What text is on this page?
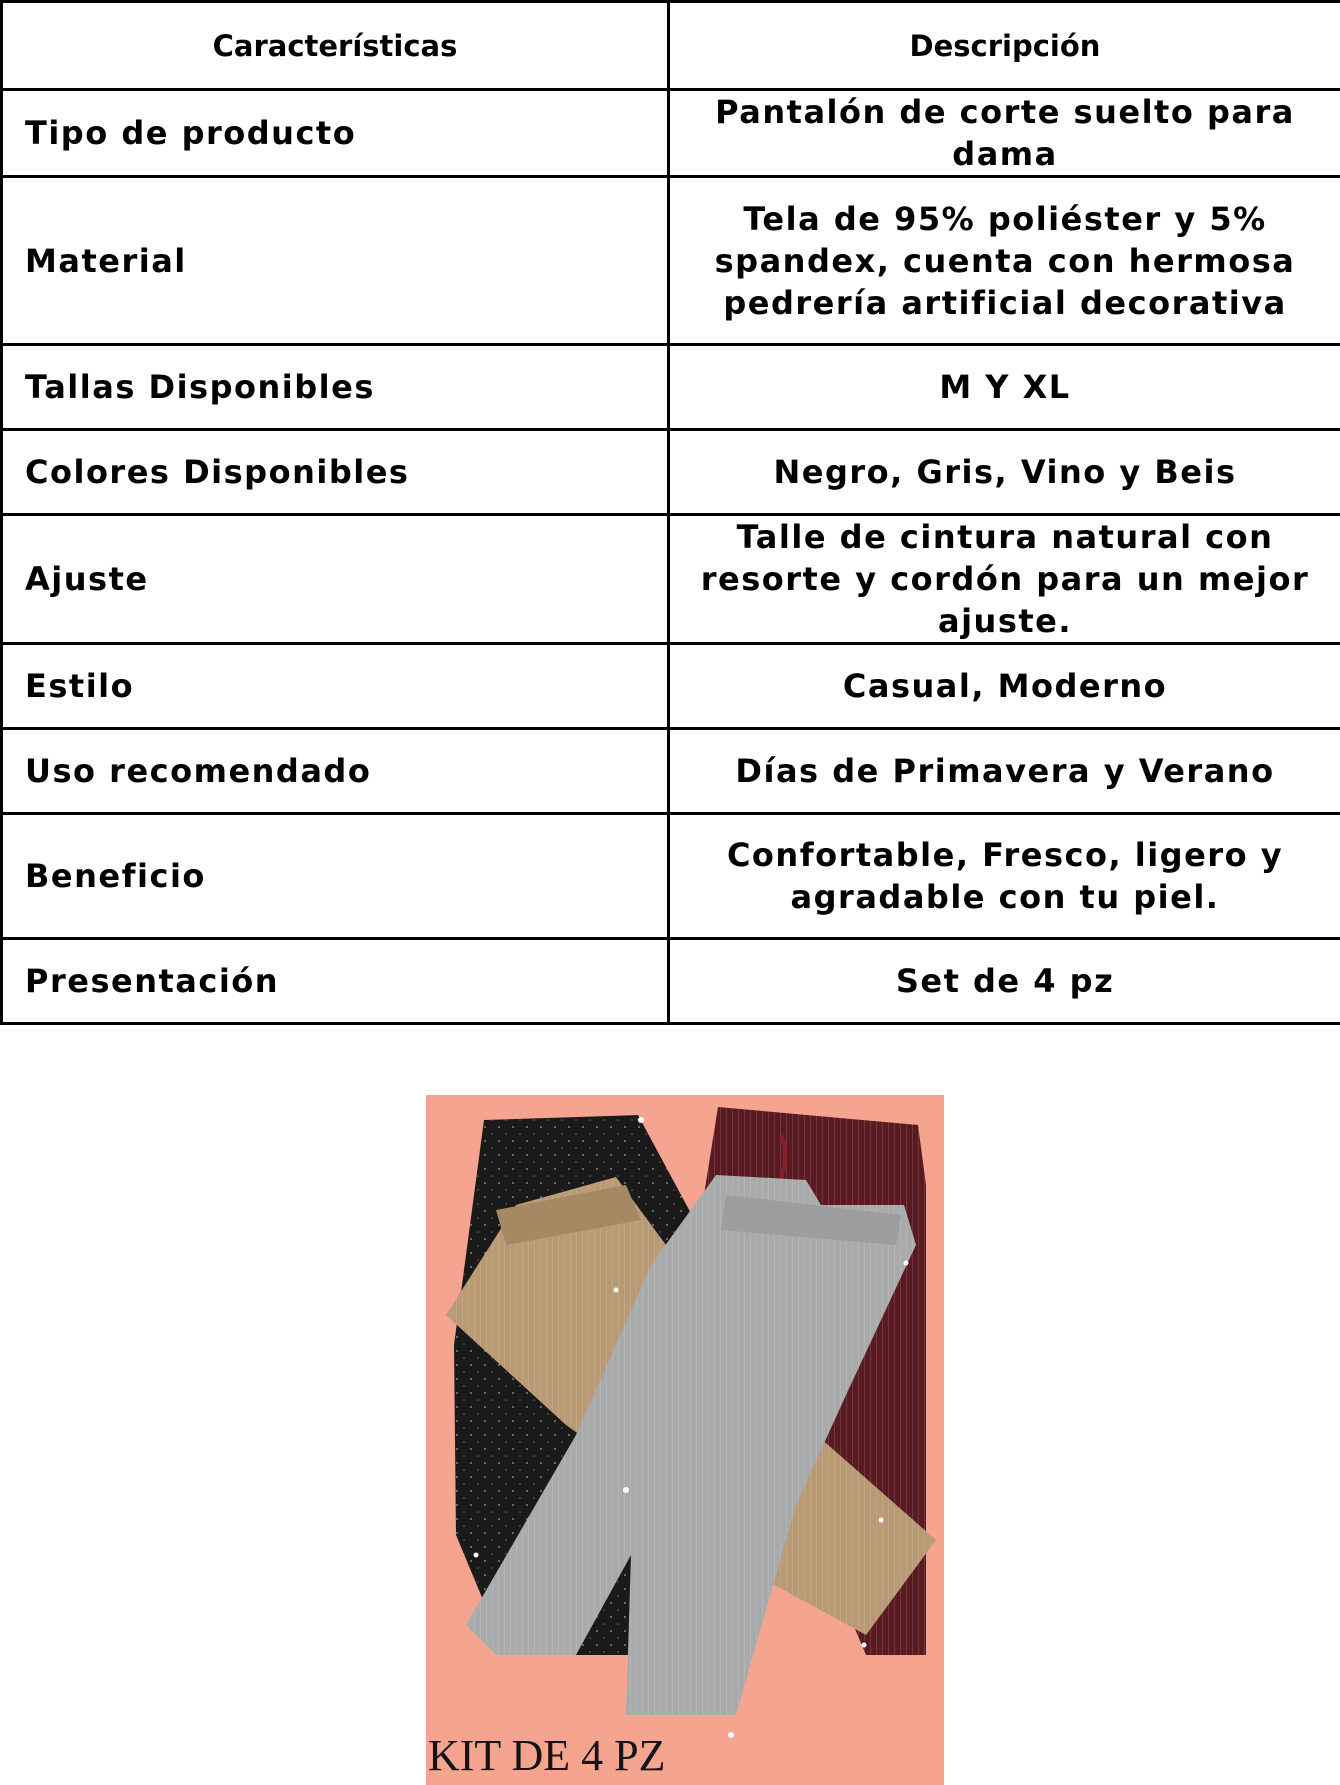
Características	Descripción
Tipo de producto	Pantalón de corte suelto para dama
Material	Tela de 95% poliéster y 5% spandex, cuenta con hermosa pedrería artificial decorativa
Tallas Disponibles	M Y XL
Colores Disponibles	Negro, Gris, Vino y Beis
Ajuste	Talle de cintura natural con resorte y cordón para un mejor ajuste.
Estilo	Casual, Moderno
Uso recomendado	Días de Primavera y Verano
Beneficio	Confortable, Fresco, ligero y agradable con tu piel.
Presentación	Set de 4 pz
KIT DE 4 PZ
